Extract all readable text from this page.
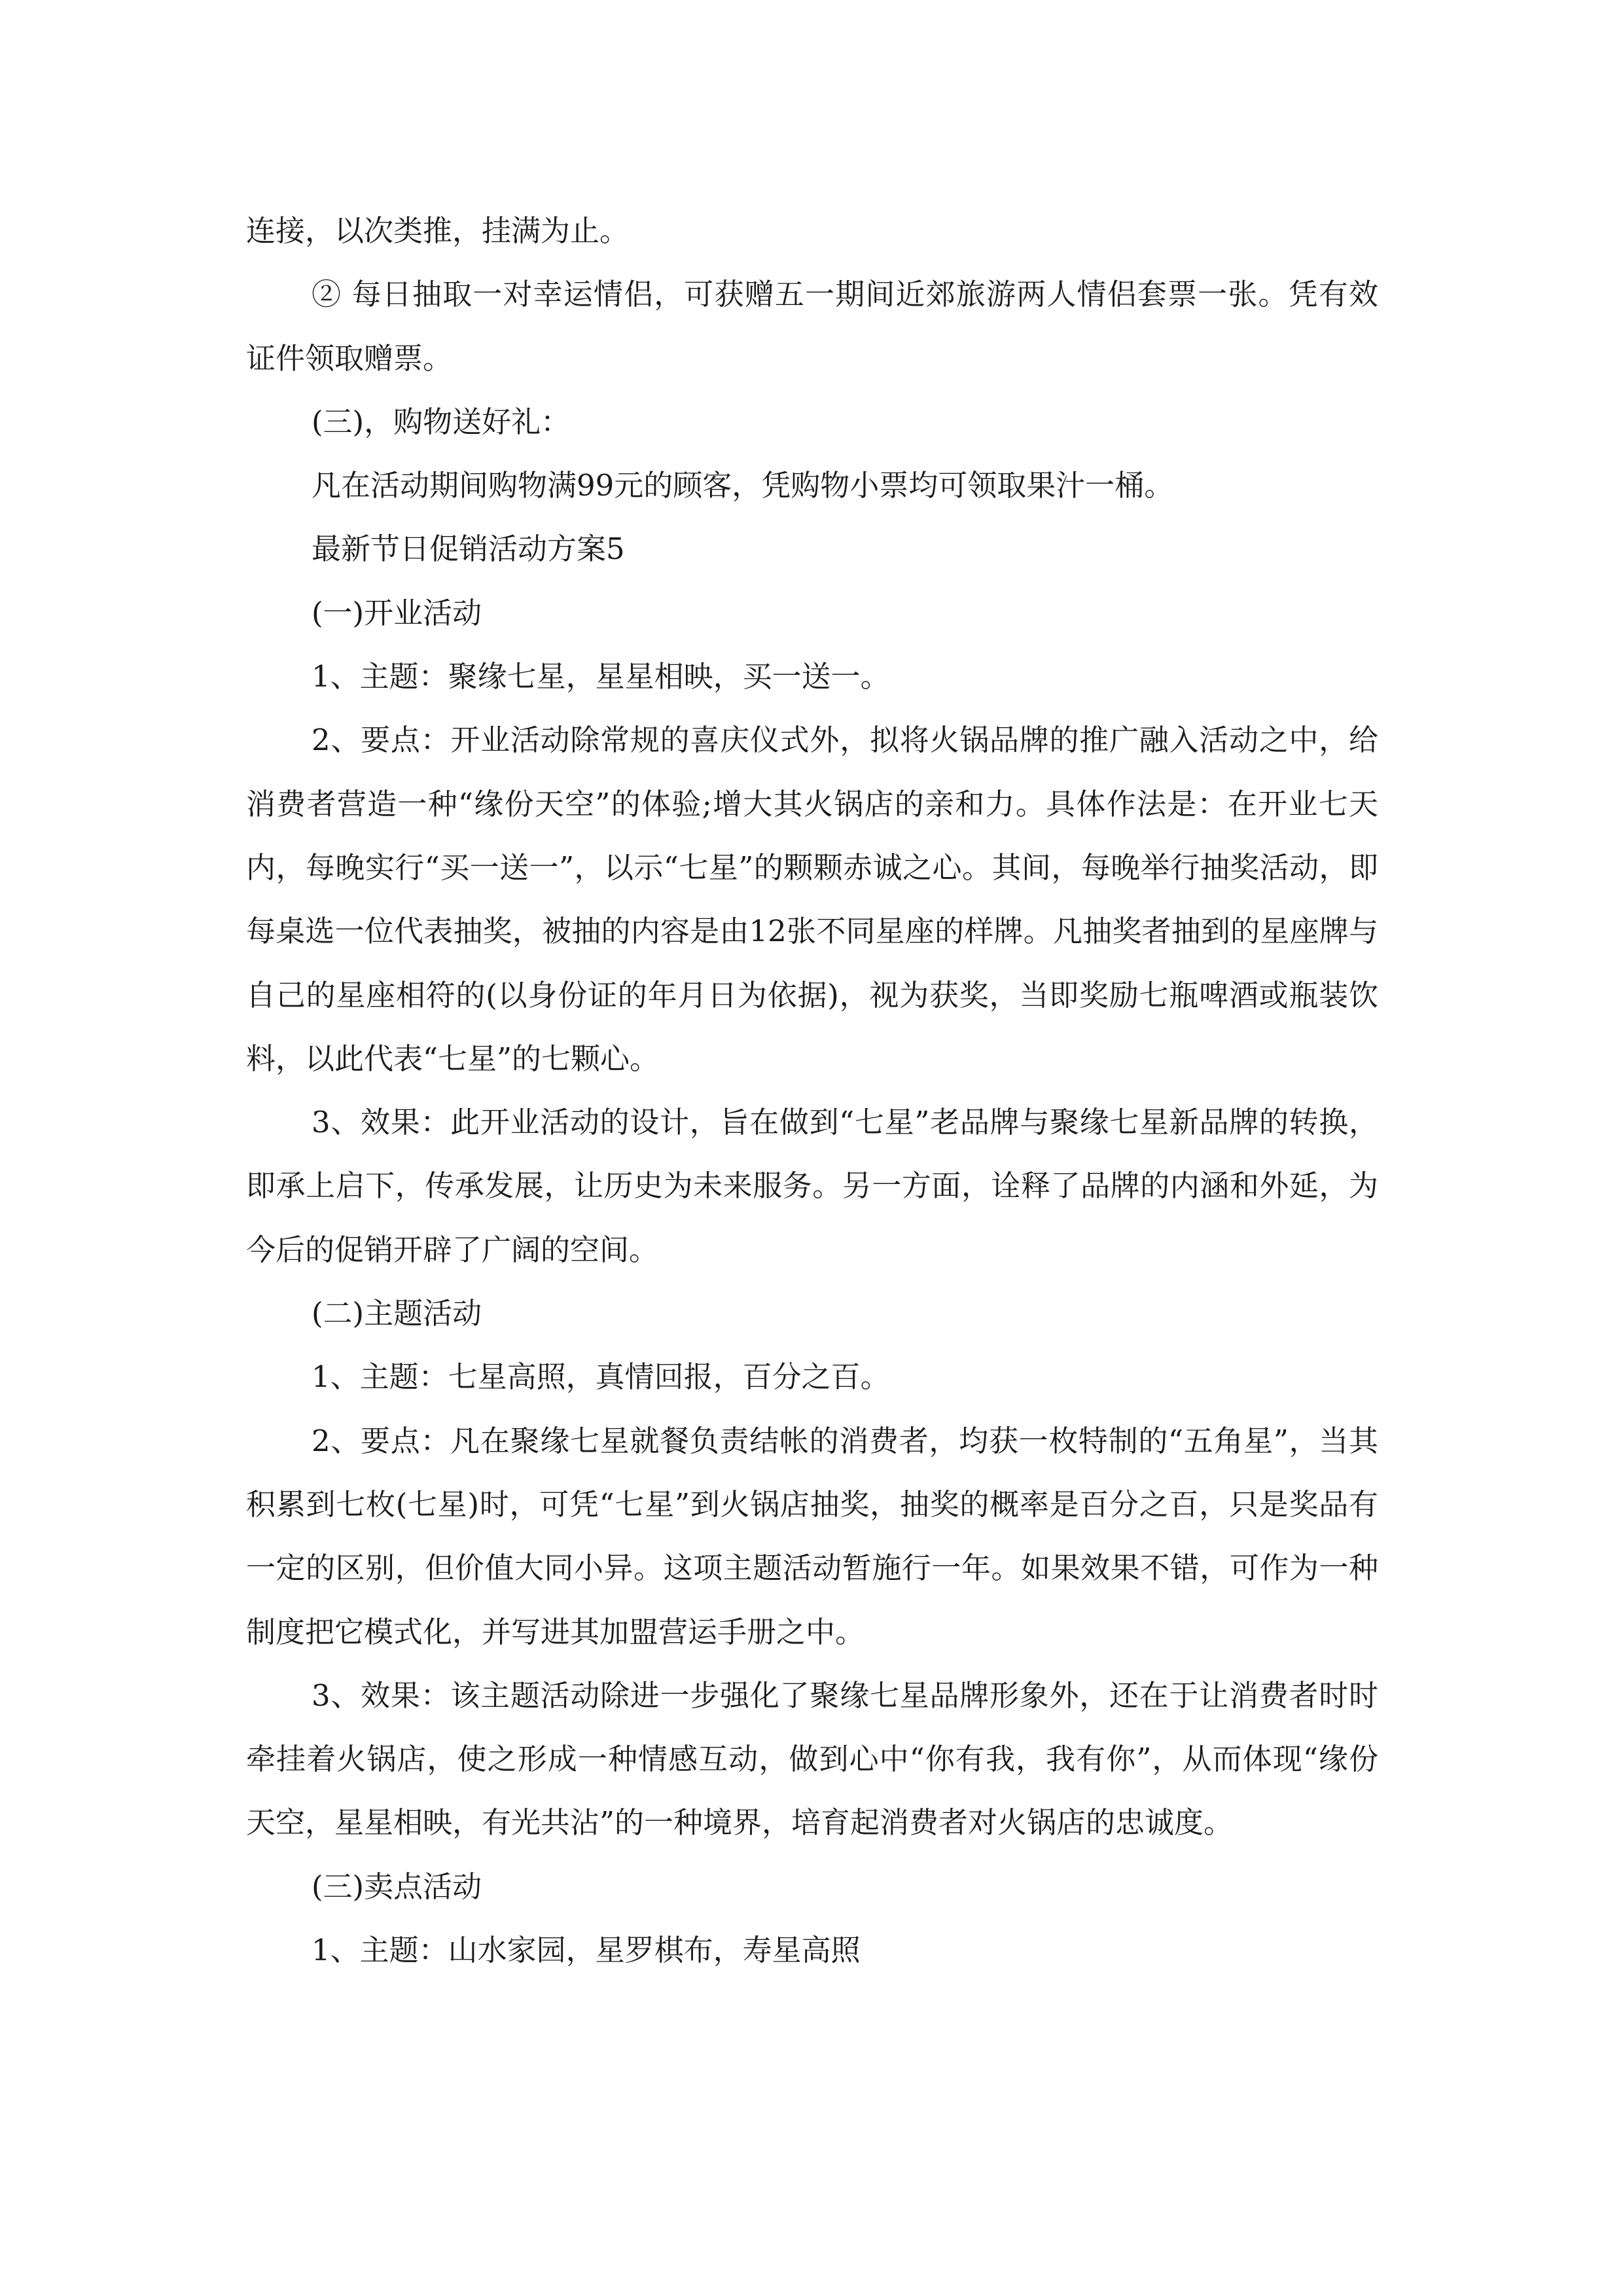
连接，以次类推，挂满为止。

② 每日抽取一对幸运情侣，可获赠五一期间近郊旅游两人情侣套票一张。凭有效证件领取赠票。

(三)，购物送好礼：

凡在活动期间购物满99元的顾客，凭购物小票均可领取果汁一桶。

最新节日促销活动方案5

(一)开业活动

1、主题：聚缘七星，星星相映，买一送一。

2、要点：开业活动除常规的喜庆仪式外，拟将火锅品牌的推广融入活动之中，给消费者营造一种“缘份天空”的体验;增大其火锅店的亲和力。具体作法是：在开业七天内，每晚实行“买一送一”，以示“七星”的颗颗赤诚之心。其间，每晚举行抽奖活动，即每桌选一位代表抽奖，被抽的内容是由12张不同星座的样牌。凡抽奖者抽到的星座牌与自己的星座相符的(以身份证的年月日为依据)，视为获奖，当即奖励七瓶啤酒或瓶装饮料，以此代表“七星”的七颗心。

3、效果：此开业活动的设计，旨在做到“七星”老品牌与聚缘七星新品牌的转换，即承上启下，传承发展，让历史为未来服务。另一方面，诠释了品牌的内涵和外延，为今后的促销开辟了广阔的空间。

(二)主题活动

1、主题：七星高照，真情回报，百分之百。

2、要点：凡在聚缘七星就餐负责结帐的消费者，均获一枚特制的“五角星”，当其积累到七枚(七星)时，可凭“七星”到火锅店抽奖，抽奖的概率是百分之百，只是奖品有一定的区别，但价值大同小异。这项主题活动暂施行一年。如果效果不错，可作为一种制度把它模式化，并写进其加盟营运手册之中。

3、效果：该主题活动除进一步强化了聚缘七星品牌形象外，还在于让消费者时时牵挂着火锅店，使之形成一种情感互动，做到心中“你有我，我有你”，从而体现“缘份天空，星星相映，有光共沾”的一种境界，培育起消费者对火锅店的忠诚度。

(三)卖点活动

1、主题：山水家园，星罗棋布，寿星高照
